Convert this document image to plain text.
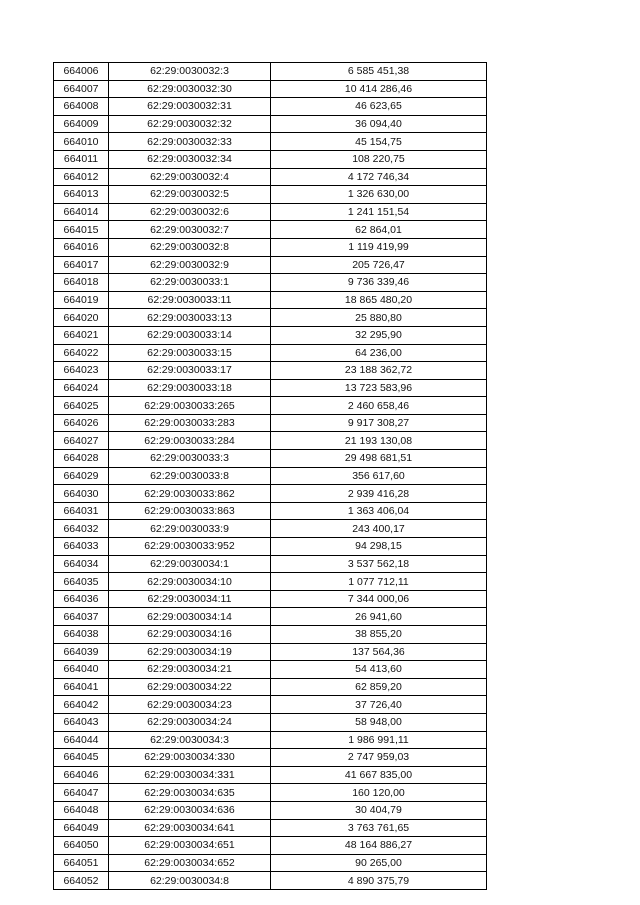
664006	62:29:0030032:3	6 585 451,38
664007	62:29:0030032:30	10 414 286,46
664008	62:29:0030032:31	46 623,65
664009	62:29:0030032:32	36 094,40
664010	62:29:0030032:33	45 154,75
664011	62:29:0030032:34	108 220,75
664012	62:29:0030032:4	4 172 746,34
664013	62:29:0030032:5	1 326 630,00
664014	62:29:0030032:6	1 241 151,54
664015	62:29:0030032:7	62 864,01
664016	62:29:0030032:8	1 119 419,99
664017	62:29:0030032:9	205 726,47
664018	62:29:0030033:1	9 736 339,46
664019	62:29:0030033:11	18 865 480,20
664020	62:29:0030033:13	25 880,80
664021	62:29:0030033:14	32 295,90
664022	62:29:0030033:15	64 236,00
664023	62:29:0030033:17	23 188 362,72
664024	62:29:0030033:18	13 723 583,96
664025	62:29:0030033:265	2 460 658,46
664026	62:29:0030033:283	9 917 308,27
664027	62:29:0030033:284	21 193 130,08
664028	62:29:0030033:3	29 498 681,51
664029	62:29:0030033:8	356 617,60
664030	62:29:0030033:862	2 939 416,28
664031	62:29:0030033:863	1 363 406,04
664032	62:29:0030033:9	243 400,17
664033	62:29:0030033:952	94 298,15
664034	62:29:0030034:1	3 537 562,18
664035	62:29:0030034:10	1 077 712,11
664036	62:29:0030034:11	7 344 000,06
664037	62:29:0030034:14	26 941,60
664038	62:29:0030034:16	38 855,20
664039	62:29:0030034:19	137 564,36
664040	62:29:0030034:21	54 413,60
664041	62:29:0030034:22	62 859,20
664042	62:29:0030034:23	37 726,40
664043	62:29:0030034:24	58 948,00
664044	62:29:0030034:3	1 986 991,11
664045	62:29:0030034:330	2 747 959,03
664046	62:29:0030034:331	41 667 835,00
664047	62:29:0030034:635	160 120,00
664048	62:29:0030034:636	30 404,79
664049	62:29:0030034:641	3 763 761,65
664050	62:29:0030034:651	48 164 886,27
664051	62:29:0030034:652	90 265,00
664052	62:29:0030034:8	4 890 375,79
